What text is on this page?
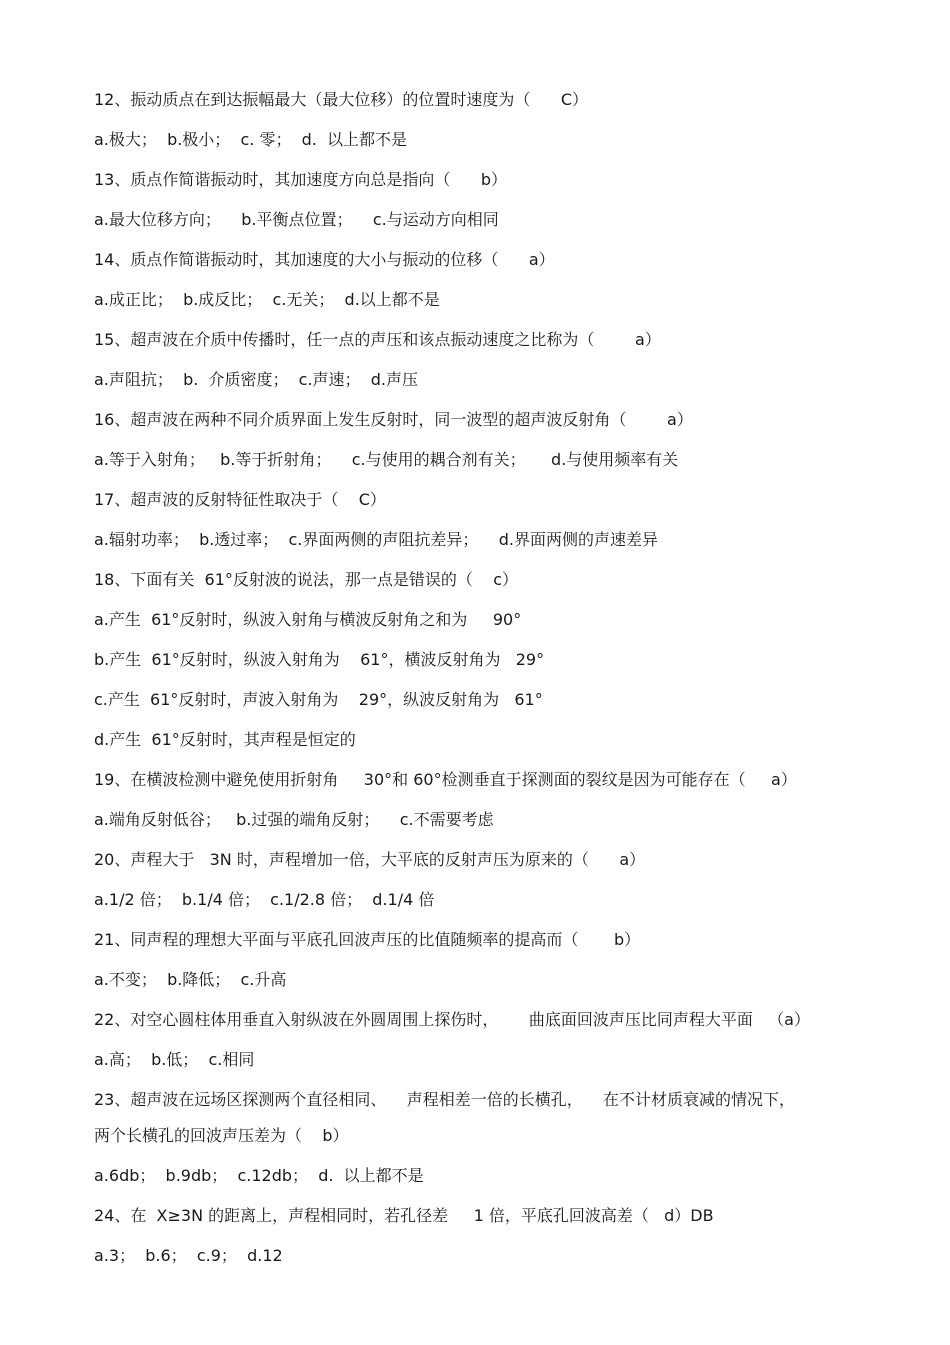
12、振动质点在到达振幅最大（最大位移）的位置时速度为（      C）
a.极大；  b.极小；  c. 零；  d.  以上都不是
13、质点作简谐振动时，其加速度方向总是指向（      b）
a.最大位移方向；    b.平衡点位置；    c.与运动方向相同
14、质点作简谐振动时，其加速度的大小与振动的位移（      a）
a.成正比；  b.成反比；  c.无关；  d.以上都不是
15、超声波在介质中传播时，任一点的声压和该点振动速度之比称为（        a）
a.声阻抗；  b.  介质密度；  c.声速；  d.声压
16、超声波在两种不同介质界面上发生反射时，同一波型的超声波反射角（        a）
a.等于入射角；   b.等于折射角；    c.与使用的耦合剂有关；     d.与使用频率有关
17、超声波的反射特征性取决于（    C）
a.辐射功率；  b.透过率；  c.界面两侧的声阻抗差异；    d.界面两侧的声速差异
18、下面有关  61°反射波的说法，那一点是错误的（    c）
a.产生  61°反射时，纵波入射角与横波反射角之和为     90°
b.产生  61°反射时，纵波入射角为    61°，横波反射角为   29°
c.产生  61°反射时，声波入射角为    29°，纵波反射角为   61°
d.产生  61°反射时，其声程是恒定的
19、在横波检测中避免使用折射角     30°和 60°检测垂直于探测面的裂纹是因为可能存在（     a）
a.端角反射低谷；   b.过强的端角反射；    c.不需要考虑
20、声程大于   3N 时，声程增加一倍，大平底的反射声压为原来的（      a）
a.1/2 倍；  b.1/4 倍；  c.1/2.8 倍；  d.1/4 倍
21、同声程的理想大平面与平底孔回波声压的比值随频率的提高而（       b）
a.不变；  b.降低；  c.升高
22、对空心圆柱体用垂直入射纵波在外圆周围上探伤时，      曲底面回波声压比同声程大平面   （a）
a.高；  b.低；  c.相同
23、超声波在远场区探测两个直径相同、    声程相差一倍的长横孔，    在不计材质衰减的情况下，
两个长横孔的回波声压差为（    b）
a.6db；  b.9db；  c.12db；  d.  以上都不是
24、在  X≥3N 的距离上，声程相同时，若孔径差     1 倍，平底孔回波高差（   d）DB
a.3；  b.6；  c.9；  d.12
